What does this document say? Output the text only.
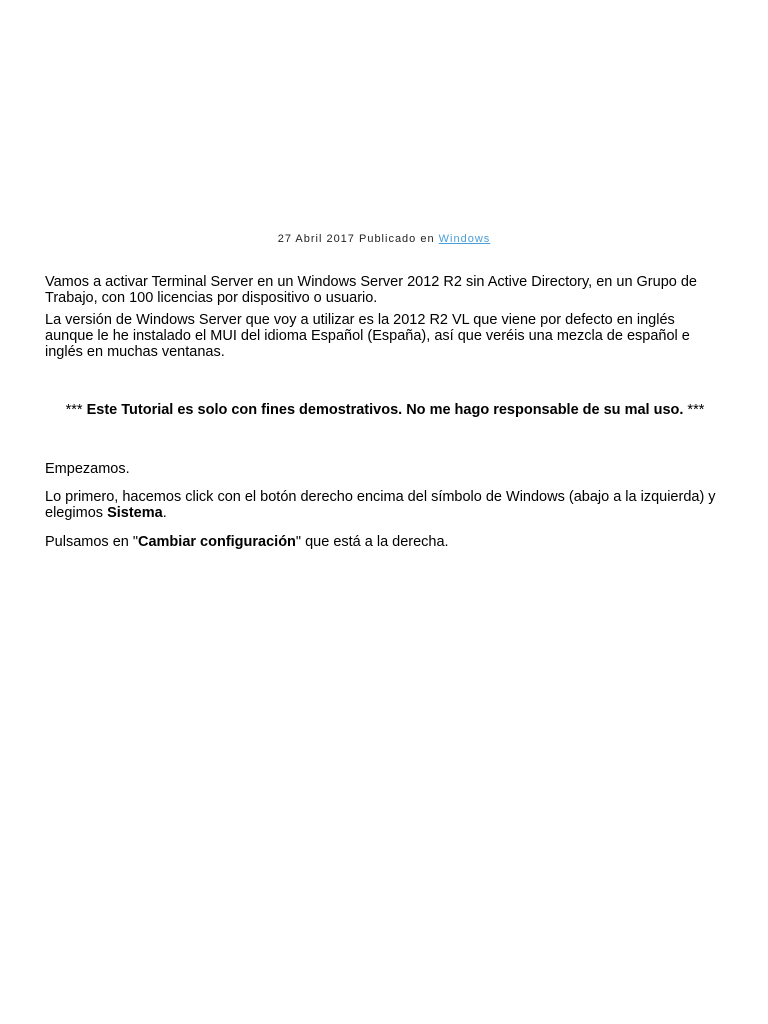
27 Abril 2017 Publicado en Windows

Vamos a activar Terminal Server en un Windows Server 2012 R2 sin Active Directory, en un Grupo de Trabajo, con 100 licencias por dispositivo o usuario.

La versión de Windows Server que voy a utilizar es la 2012 R2 VL que viene por defecto en inglés aunque le he instalado el MUI del idioma Español (España), así que veréis una mezcla de español e inglés en muchas ventanas.

*** Este Tutorial es solo con fines demostrativos. No me hago responsable de su mal uso. ***

Empezamos.

Lo primero, hacemos click con el botón derecho encima del símbolo de Windows (abajo a la izquierda) y elegimos Sistema.

Pulsamos en "Cambiar configuración" que está a la derecha.
